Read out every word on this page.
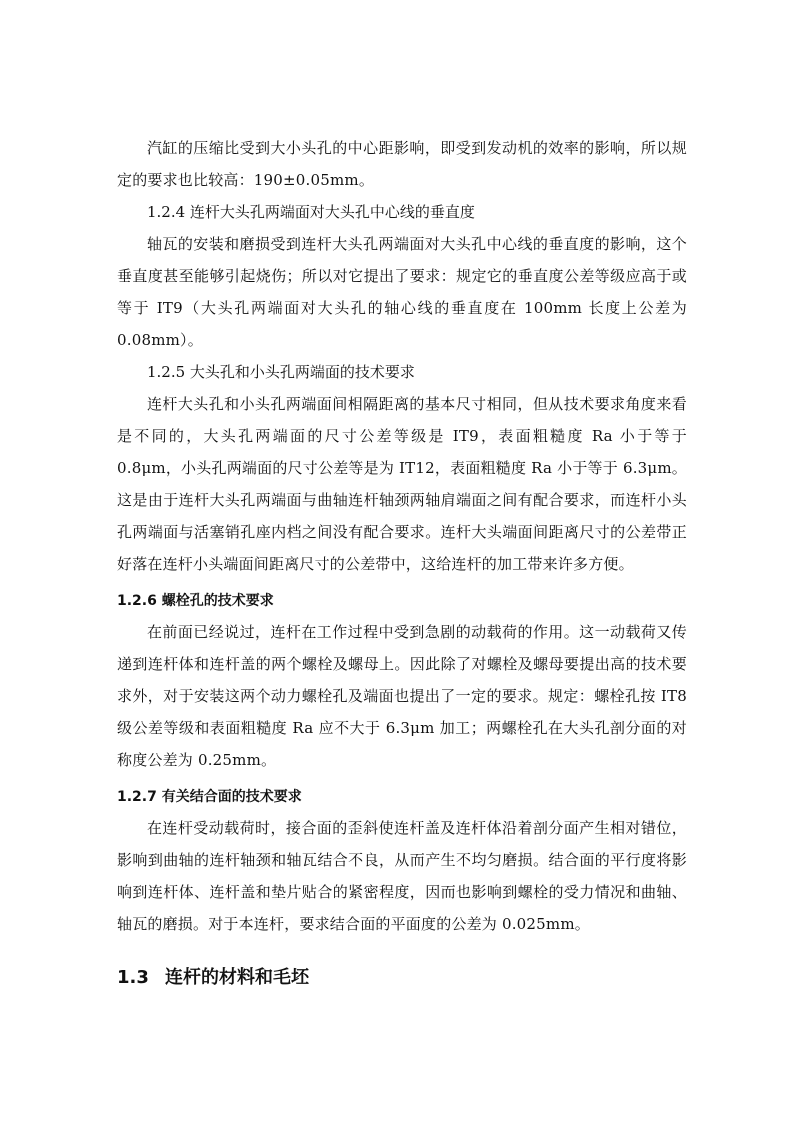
汽缸的压缩比受到大小头孔的中心距影响，即受到发动机的效率的影响，所以规定的要求也比较高：190±0.05mm。

1.2.4 连杆大头孔两端面对大头孔中心线的垂直度

轴瓦的安装和磨损受到连杆大头孔两端面对大头孔中心线的垂直度的影响，这个垂直度甚至能够引起烧伤；所以对它提出了要求：规定它的垂直度公差等级应高于或等于 IT9（大头孔两端面对大头孔的轴心线的垂直度在 100mm 长度上公差为 0.08mm）。

1.2.5 大头孔和小头孔两端面的技术要求

连杆大头孔和小头孔两端面间相隔距离的基本尺寸相同，但从技术要求角度来看是不同的，大头孔两端面的尺寸公差等级是 IT9，表面粗糙度 Ra 小于等于 0.8μm，小头孔两端面的尺寸公差等是为 IT12，表面粗糙度 Ra 小于等于 6.3μm。这是由于连杆大头孔两端面与曲轴连杆轴颈两轴肩端面之间有配合要求，而连杆小头孔两端面与活塞销孔座内档之间没有配合要求。连杆大头端面间距离尺寸的公差带正好落在连杆小头端面间距离尺寸的公差带中，这给连杆的加工带来许多方便。

1.2.6 螺栓孔的技术要求

在前面已经说过，连杆在工作过程中受到急剧的动载荷的作用。这一动载荷又传递到连杆体和连杆盖的两个螺栓及螺母上。因此除了对螺栓及螺母要提出高的技术要求外，对于安装这两个动力螺栓孔及端面也提出了一定的要求。规定：螺栓孔按 IT8 级公差等级和表面粗糙度 Ra 应不大于 6.3μm 加工；两螺栓孔在大头孔剖分面的对称度公差为 0.25mm。

1.2.7 有关结合面的技术要求

在连杆受动载荷时，接合面的歪斜使连杆盖及连杆体沿着剖分面产生相对错位，影响到曲轴的连杆轴颈和轴瓦结合不良，从而产生不均匀磨损。结合面的平行度将影响到连杆体、连杆盖和垫片贴合的紧密程度，因而也影响到螺栓的受力情况和曲轴、轴瓦的磨损。对于本连杆，要求结合面的平面度的公差为 0.025mm。

1.3 连杆的材料和毛坯
